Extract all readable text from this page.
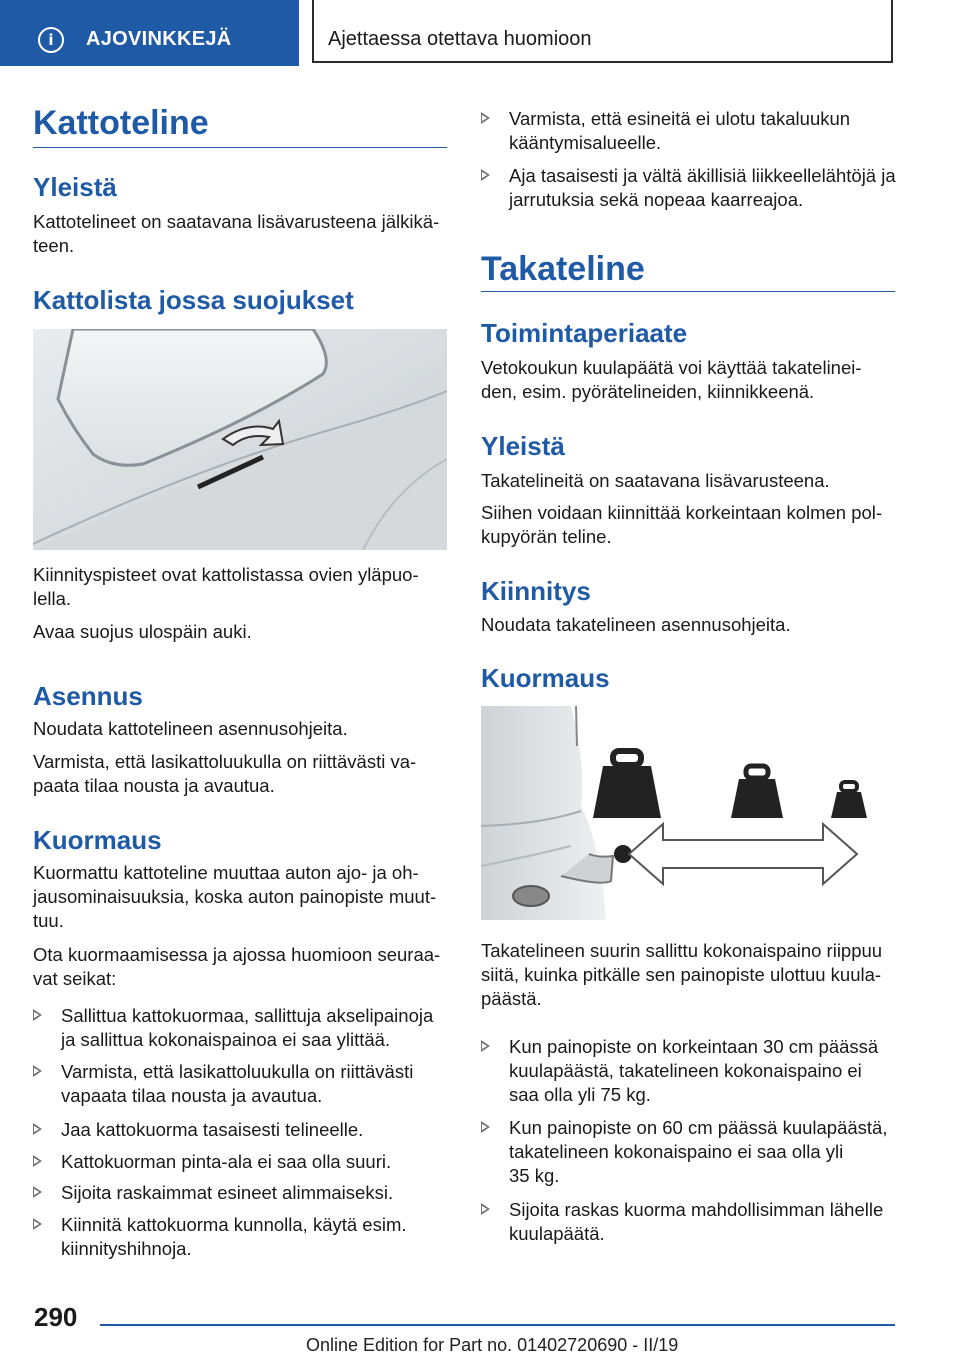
i	AJOVINKKEJÄ	Ajettaessa otettava huomioon
Kattoteline
Yleistä
Kattotelineet on saatavana lisävarusteena jälkikä-
teen.
Kattolista jossa suojukset
Kiinnityspisteet ovat kattolistassa ovien yläpuo-
lella.
Avaa suojus ulospäin auki.
Asennus
Noudata kattotelineen asennusohjeita.
Varmista, että lasikattoluukulla on riittävästi va-
paata tilaa nousta ja avautua.
Kuormaus
Kuormattu kattoteline muuttaa auton ajo- ja oh-
jausominaisuuksia, koska auton painopiste muut-
tuu.
Ota kuormaamisessa ja ajossa huomioon seuraa-
vat seikat:
Sallittua kattokuormaa, sallittuja akselipainoja
ja sallittua kokonaispainoa ei saa ylittää.
Varmista, että lasikattoluukulla on riittävästi
vapaata tilaa nousta ja avautua.
Jaa kattokuorma tasaisesti telineelle.
Kattokuorman pinta-ala ei saa olla suuri.
Sijoita raskaimmat esineet alimmaiseksi.
Kiinnitä kattokuorma kunnolla, käytä esim.
kiinnityshihnoja.
Varmista, että esineitä ei ulotu takaluukun
kääntymisalueelle.
Aja tasaisesti ja vältä äkillisiä liikkeellelähtöjä ja
jarrutuksia sekä nopeaa kaarreajoa.
Takateline
Toimintaperiaate
Vetokoukun kuulapäätä voi käyttää takatelinei-
den, esim. pyörätelineiden, kiinnikkeenä.
Yleistä
Takatelineitä on saatavana lisävarusteena.
Siihen voidaan kiinnittää korkeintaan kolmen pol-
kupyörän teline.
Kiinnitys
Noudata takatelineen asennusohjeita.
Kuormaus
Takatelineen suurin sallittu kokonaispaino riippuu
siitä, kuinka pitkälle sen painopiste ulottuu kuula-
päästä.
Kun painopiste on korkeintaan 30 cm päässä
kuulapäästä, takatelineen kokonaispaino ei
saa olla yli 75 kg.
Kun painopiste on 60 cm päässä kuulapäästä,
takatelineen kokonaispaino ei saa olla yli
35 kg.
Sijoita raskas kuorma mahdollisimman lähelle
kuulapäätä.
290
Online Edition for Part no. 01402720690 - II/19
